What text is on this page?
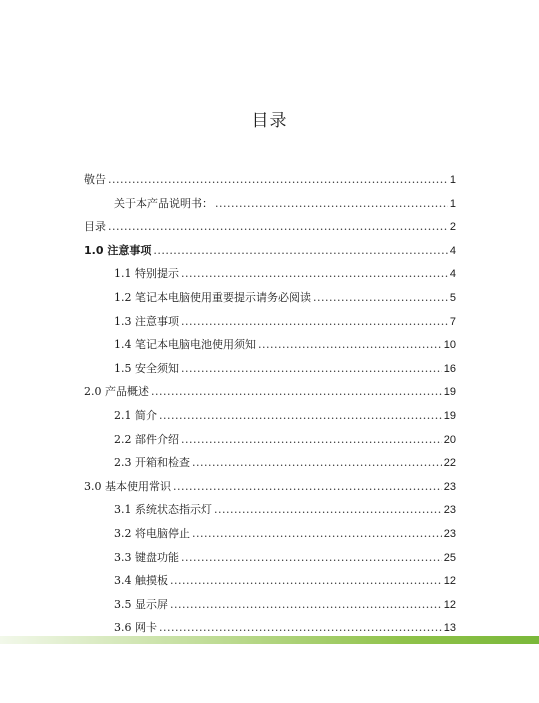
目录
敬告 .....	1
关于本产品说明书： .....	1
目录 .....	2
1.0 注意事项 .....	4
1.1 特别提示 .....	4
1.2 笔记本电脑使用重要提示请务必阅读 .....	5
1.3 注意事项 .....	7
1.4 笔记本电脑电池使用须知 .....	10
1.5 安全须知 .....	16
2.0 产品概述 .....	19
2.1 简介 .....	19
2.2 部件介绍 .....	20
2.3 开箱和检查 .....	22
3.0 基本使用常识 .....	23
3.1 系统状态指示灯 .....	23
3.2 将电脑停止 .....	23
3.3 键盘功能 .....	25
3.4 触摸板 .....	12
3.5 显示屏 .....	12
3.6 网卡 .....	13
